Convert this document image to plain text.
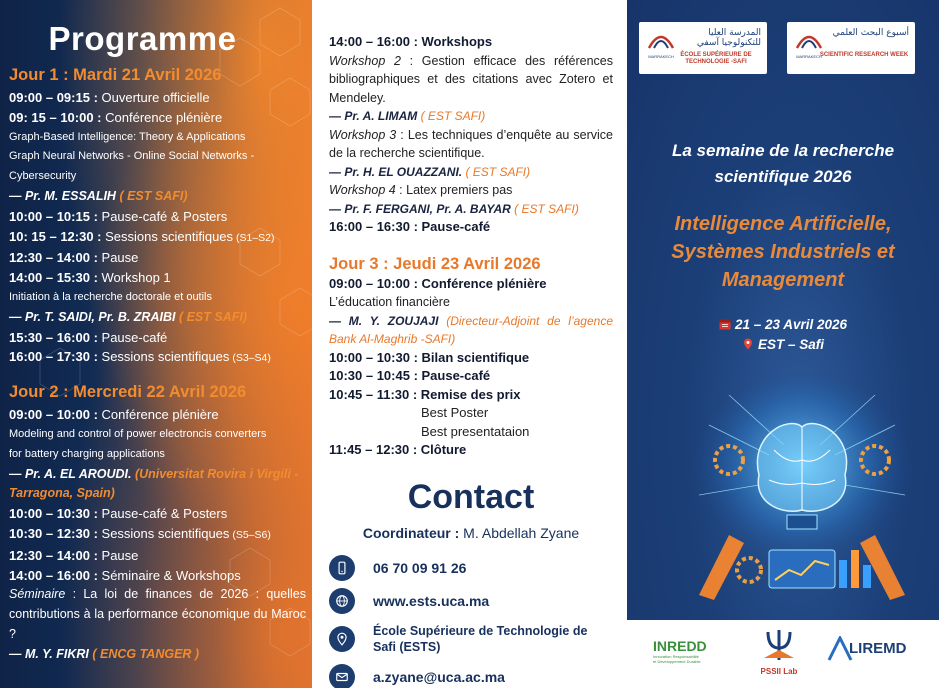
Programme
Jour 1 : Mardi 21 Avril 2026
09:00 – 09:15 : Ouverture officielle
09: 15 – 10:00 : Conférence plénière
Graph-Based Intelligence: Theory & Applications
Graph Neural Networks - Online Social Networks -
Cybersecurity
— Pr. M. ESSALIH ( EST SAFI)
10:00 – 10:15 : Pause-café & Posters
10: 15 – 12:30 : Sessions scientifiques (S1–S2)
12:30 – 14:00 : Pause
14:00 – 15:30 : Workshop 1
Initiation à la recherche doctorale et outils
— Pr. T. SAIDI, Pr. B. ZRAIBI ( EST SAFI)
15:30 – 16:00 : Pause-café
16:00 – 17:30 : Sessions scientifiques (S3–S4)
Jour 2 : Mercredi 22 Avril 2026
09:00 – 10:00 : Conférence plénière
Modeling and control of power electroncis converters
for battery charging applications
— Pr. A. EL AROUDI. (Universitat Rovira i Virgili - Tarragona, Spain)
10:00 – 10:30 : Pause-café & Posters
10:30 – 12:30 : Sessions scientifiques (S5–S6)
12:30 – 14:00 : Pause
14:00 – 16:00 : Séminaire & Workshops
Séminaire : La loi de finances de 2026 : quelles contributions à la performance économique du Maroc ?
— M. Y. FIKRI ( ENCG TANGER )
14:00 – 16:00 : Workshops
Workshop 2 : Gestion efficace des références bibliographiques et des citations avec Zotero et Mendeley.
— Pr. A. LIMAM ( EST SAFI)
Workshop 3 : Les techniques d’enquête au service de la recherche scientifique.
— Pr. H. EL OUAZZANI. ( EST SAFI)
Workshop 4 : Latex premiers pas
— Pr. F. FERGANI, Pr. A. BAYAR ( EST SAFI)
16:00 – 16:30 : Pause-café
Jour 3 : Jeudi 23 Avril 2026
09:00 – 10:00 : Conférence plénière
L’éducation financière
— M. Y. ZOUJAJI (Directeur-Adjoint de l’agence Bank Al-Maghrib -SAFI)
10:00 – 10:30 : Bilan scientifique
10:30 – 10:45 : Pause-café
10:45 – 11:30 : Remise des prix
Best Poster
Best presentataion
11:45 – 12:30 : Clôture
Contact
Coordinateur : M. Abdellah Zyane
06 70 09 91 26
www.ests.uca.ma
École Supérieure de Technologie de Safi (ESTS)
a.zyane@uca.ac.ma
MARRAKECH
المدرسة العليا للتكنولوجيا آسفي
ÉCOLE SUPÉRIEURE DE TECHNOLOGIE -SAFI
MARRAKECH
أسبوع البحث العلمي
SCIENTIFIC RESEARCH WEEK
La semaine de la recherche scientifique 2026
Intelligence Artificielle, Systèmes Industriels et Management
21 – 23 Avril 2026
EST – Safi
INREDD
Innovation Responsabilité et Développement Durable
PSSII Lab
LIREMD
